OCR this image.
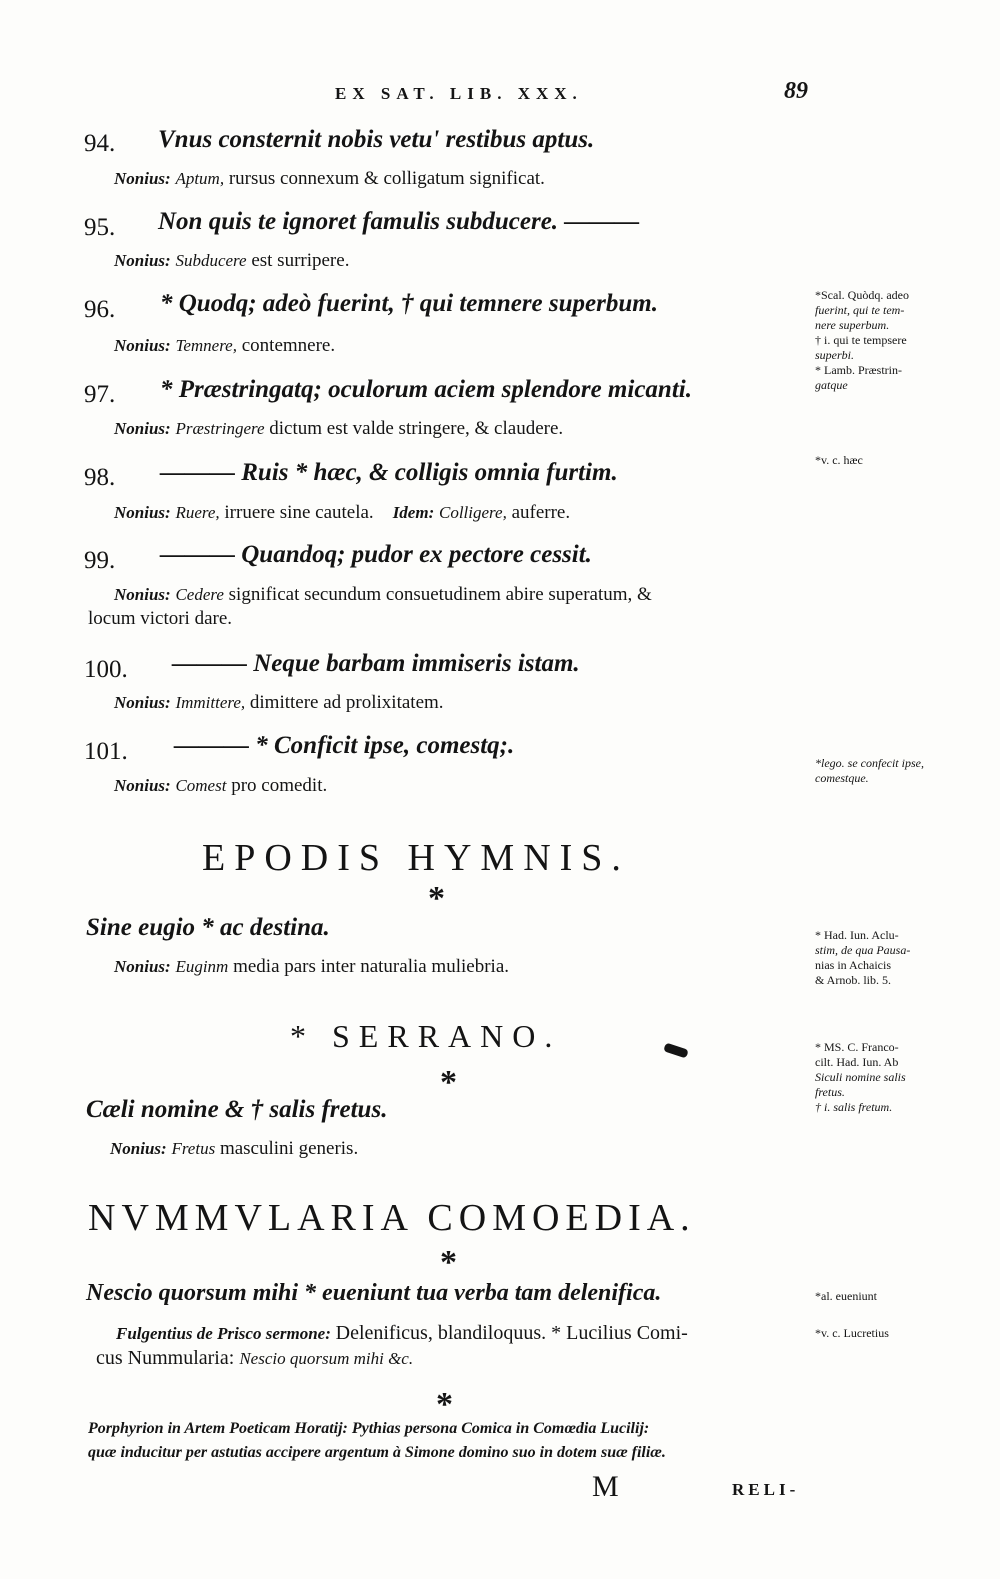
EX SAT. LIB. XXX.	89
94. Vnus consternit nobis vetu' restibus aptus.
Nonius: Aptum, rursus connexum & colligatum significat.
95. Non quis te ignoret famulis subducere. ———
Nonius: Subducere est surripere.
96. * Quodq; adeò fuerint, † qui temnere superbum.
Nonius: Temnere, contemnere.
97. * Præstringatq; oculorum aciem splendore micanti.
Nonius: Præstringere dictum est valde stringere, & claudere.
98. ——— Ruis * hæc, & colligis omnia furtim.
Nonius: Ruere, irruere sine cautela. Idem: Colligere, auferre.
99. ——— Quandoq; pudor ex pectore cessit.
Nonius: Cedere significat secundum consuetudinem abire superatum, &
locum victori dare.
100. ——— Neque barbam immiseris istam.
Nonius: Immittere, dimittere ad prolixitatem.
101. ——— * Conficit ipse, comestq;.
Nonius: Comest pro comedit.
EPODIS HYMNIS.
*
Sine eugio * ac destina.
Nonius: Euginm media pars inter naturalia muliebria.
* SERRANO.
*
Cæli nomine & † salis fretus.
Nonius: Fretus masculini generis.
NVMMVLARIA COMOEDIA.
*
Nescio quorsum mihi * eueniunt tua verba tam delenifica.
Fulgentius de Prisco sermone: Delenificus, blandiloquus. * Lucilius Comi-
cus Nummularia: Nescio quorsum mihi &c.
*
Porphyrion in Artem Poeticam Horatij: Pythias persona Comica in Comœdia Lucilij:
quæ inducitur per astutias accipere argentum à Simone domino suo in dotem suæ filiæ.
M	RELI-
*Scal. Quòdq. adeo
fuerint, qui te tem-
nere superbum.
† i. qui te tempsere
superbi.
* Lamb. Præstrin-
gatque
*v. c. hæc
*lego. se confecit ipse,
comestque.
* Had. Iun. Aclu-
stim, de qua Pausa-
nias in Achaicis
& Arnob. lib. 5.
* MS. C. Franco-
cilt. Had. Iun. Ab
Siculi nomine salis
fretus.
† i. salis fretum.
*al. eueniunt
*v. c. Lucretius
